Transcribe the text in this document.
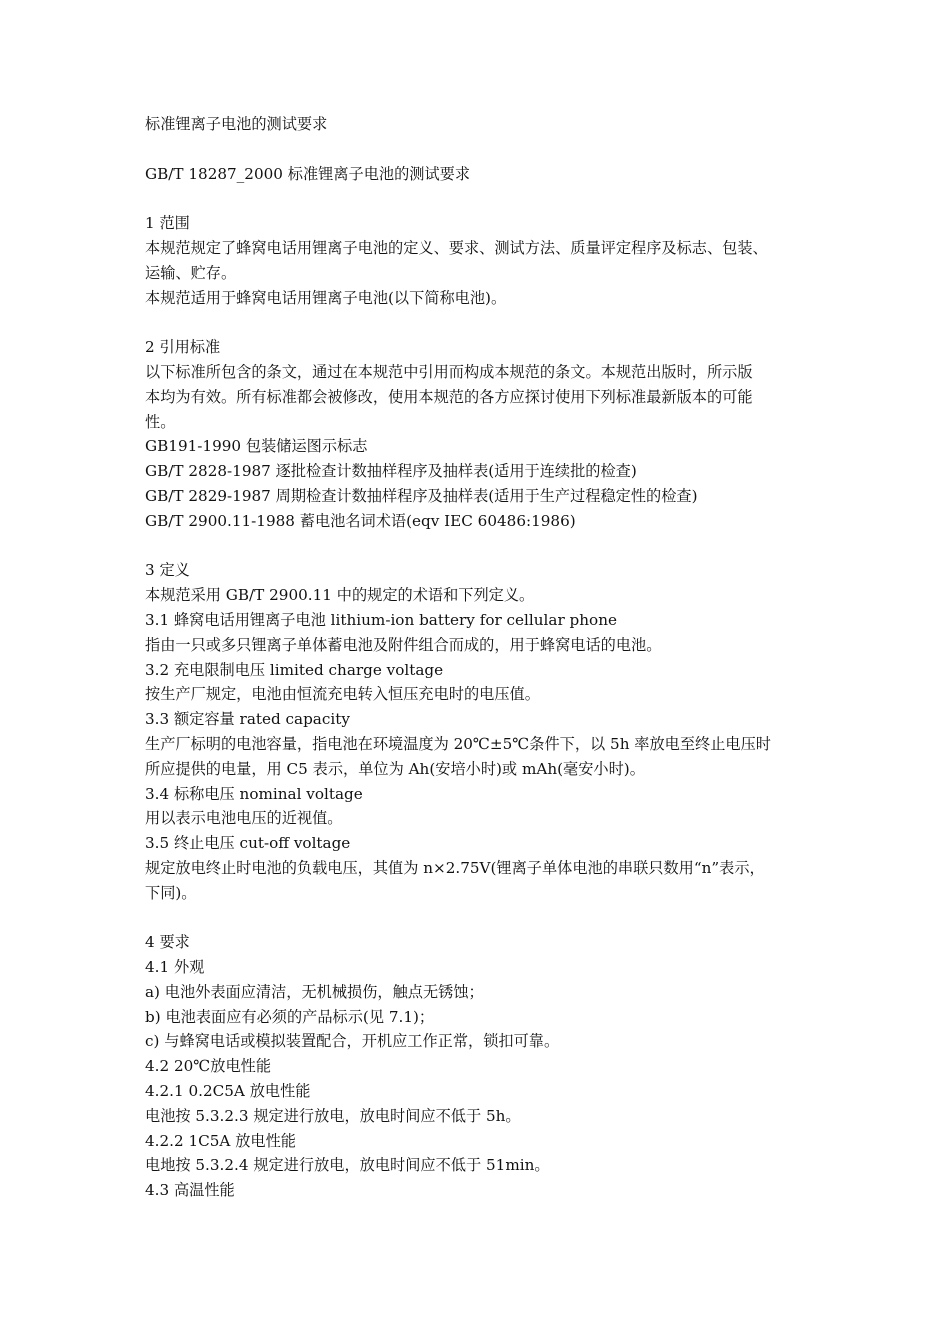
标准锂离子电池的测试要求
GB/T 18287_2000 标准锂离子电池的测试要求
1 范围
本规范规定了蜂窝电话用锂离子电池的定义、要求、测试方法、质量评定程序及标志、包装、
运输、贮存。
本规范适用于蜂窝电话用锂离子电池(以下简称电池)。
2 引用标准
以下标准所包含的条文，通过在本规范中引用而构成本规范的条文。本规范出版时，所示版
本均为有效。所有标准都会被修改，使用本规范的各方应探讨使用下列标准最新版本的可能
性。
GB191-1990 包装储运图示标志
GB/T 2828-1987 逐批检查计数抽样程序及抽样表(适用于连续批的检查)
GB/T 2829-1987 周期检查计数抽样程序及抽样表(适用于生产过程稳定性的检查)
GB/T 2900.11-1988 蓄电池名词术语(eqv IEC 60486:1986)
3 定义
本规范采用 GB/T 2900.11 中的规定的术语和下列定义。
3.1 蜂窝电话用锂离子电池 lithium-ion battery for cellular phone
指由一只或多只锂离子单体蓄电池及附件组合而成的，用于蜂窝电话的电池。
3.2 充电限制电压 limited charge voltage
按生产厂规定，电池由恒流充电转入恒压充电时的电压值。
3.3 额定容量 rated capacity
生产厂标明的电池容量，指电池在环境温度为 20℃±5℃条件下，以 5h 率放电至终止电压时
所应提供的电量，用 C5 表示，单位为 Ah(安培小时)或 mAh(毫安小时)。
3.4 标称电压 nominal voltage
用以表示电池电压的近视值。
3.5 终止电压 cut-off voltage
规定放电终止时电池的负载电压，其值为 n×2.75V(锂离子单体电池的串联只数用“n”表示，
下同)。
4 要求
4.1 外观
a) 电池外表面应清洁，无机械损伤，触点无锈蚀；
b) 电池表面应有必须的产品标示(见 7.1)；
c) 与蜂窝电话或模拟装置配合，开机应工作正常，锁扣可靠。
4.2 20℃放电性能
4.2.1 0.2C5A 放电性能
电池按 5.3.2.3 规定进行放电，放电时间应不低于 5h。
4.2.2 1C5A 放电性能
电地按 5.3.2.4 规定进行放电，放电时间应不低于 51min。
4.3 高温性能
